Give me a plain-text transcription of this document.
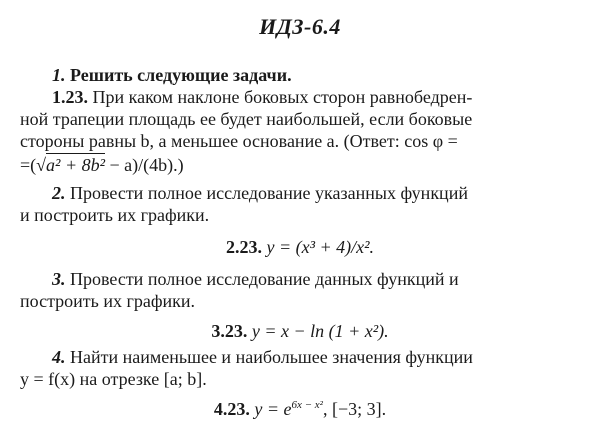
ИДЗ-6.4
1. Решить следующие задачи.
1.23. При каком наклоне боковых сторон равнобедрен-
ной трапеции площадь ее будет наибольшей, если боковые
стороны равны b, а меньшее основание a. (Ответ: cos φ =
=(√a² + 8b² − a)/(4b).)
2. Провести полное исследование указанных функций
и построить их графики.
2.23. y = (x³ + 4)/x².
3. Провести полное исследование данных функций и
построить их графики.
3.23. y = x − ln (1 + x²).
4. Найти наименьшее и наибольшее значения функции
y = f(x) на отрезке [a; b].
4.23. $y = e^{6x - x^2}$, [−3; 3].
